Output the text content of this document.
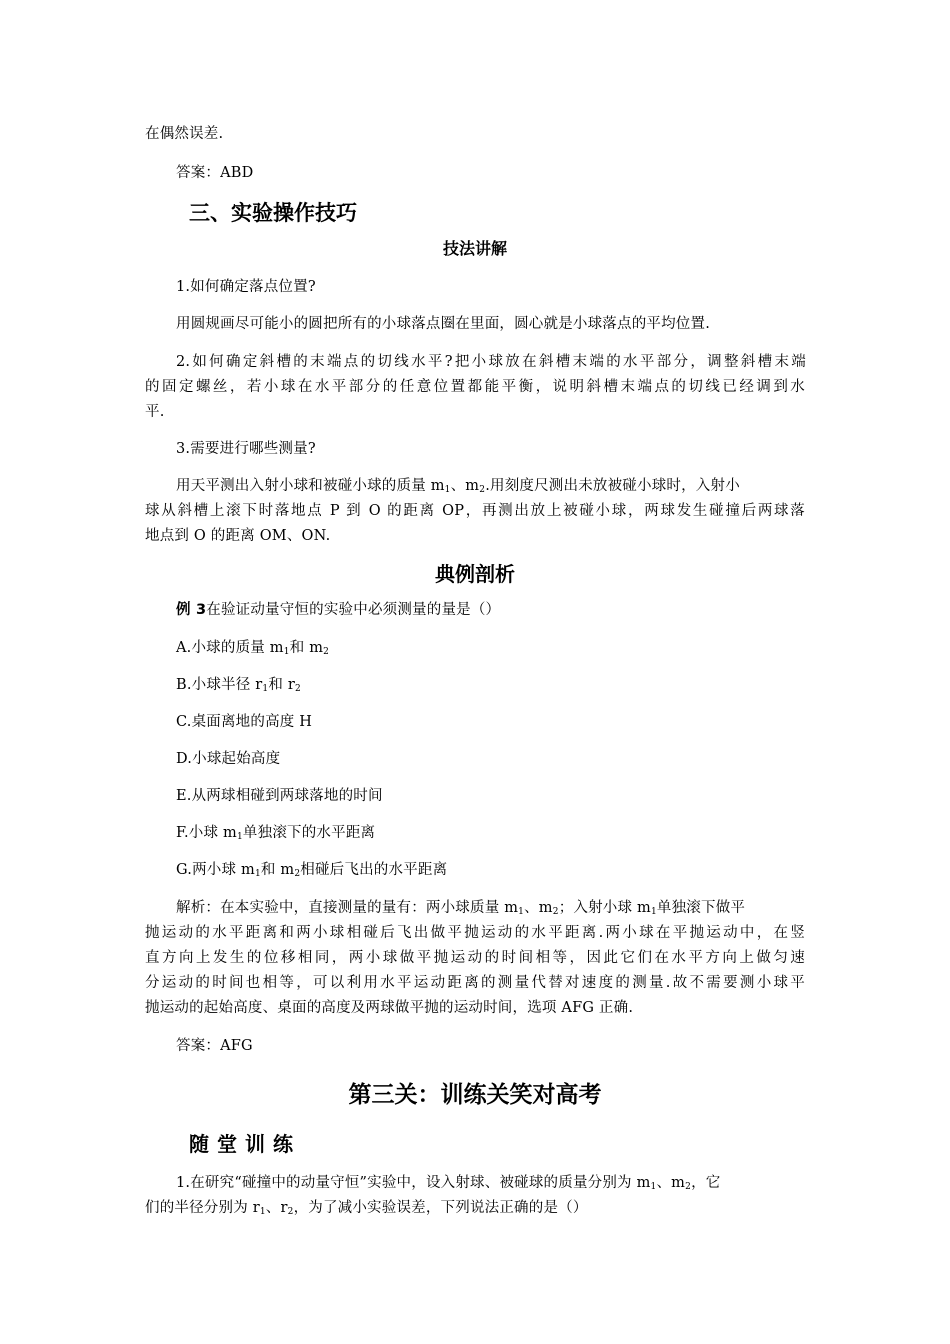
在偶然误差.
答案：ABD
三、实验操作技巧
技法讲解
1.如何确定落点位置?
用圆规画尽可能小的圆把所有的小球落点圈在里面，圆心就是小球落点的平均位置.
2.如何确定斜槽的末端点的切线水平?把小球放在斜槽末端的水平部分，调整斜槽末端
的固定螺丝，若小球在水平部分的任意位置都能平衡，说明斜槽末端点的切线已经调到水
平.
3.需要进行哪些测量?
用天平测出入射小球和被碰小球的质量 $m_1$、$m_2$.用刻度尺测出未放被碰小球时，入射小
球从斜槽上滚下时落地点 P 到 O 的距离 OP，再测出放上被碰小球，两球发生碰撞后两球落
地点到 O 的距离 OM、ON.
典例剖析
例 3在验证动量守恒的实验中必须测量的量是（）
A.小球的质量 $m_1$和 $m_2$
B.小球半径 $r_1$和 $r_2$
C.桌面离地的高度 H
D.小球起始高度
E.从两球相碰到两球落地的时间
F.小球 $m_1$单独滚下的水平距离
G.两小球 $m_1$和 $m_2$相碰后飞出的水平距离
解析：在本实验中，直接测量的量有：两小球质量 $m_1$、$m_2$；入射小球 $m_1$单独滚下做平
抛运动的水平距离和两小球相碰后飞出做平抛运动的水平距离.两小球在平抛运动中，在竖
直方向上发生的位移相同，两小球做平抛运动的时间相等，因此它们在水平方向上做匀速
分运动的时间也相等，可以利用水平运动距离的测量代替对速度的测量.故不需要测小球平
抛运动的起始高度、桌面的高度及两球做平抛的运动时间，选项 AFG 正确.
答案：AFG
第三关：训练关笑对高考
随堂训练
1.在研究“碰撞中的动量守恒”实验中，设入射球、被碰球的质量分别为 $m_1$、$m_2$，它
们的半径分别为 $r_1$、$r_2$，为了减小实验误差，下列说法正确的是（）
